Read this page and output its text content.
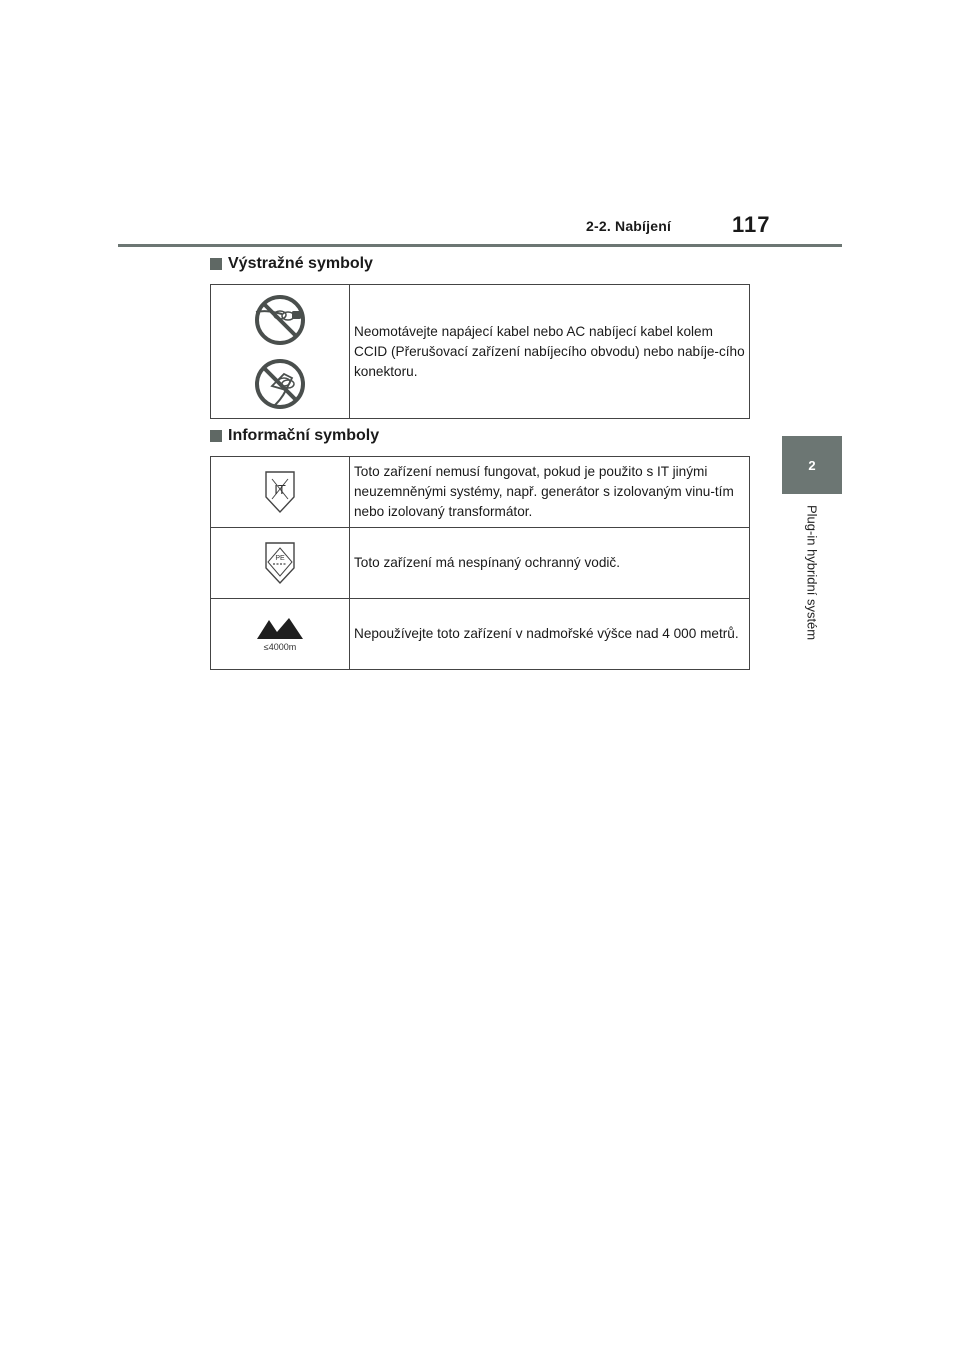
2-2. Nabíjení	117
2
Plug-in hybridní systém
Výstražné symboly
	Neomotávejte napájecí kabel nebo AC nabíjecí kabel kolem CCID (Přerušovací zařízení nabíjecího obvodu) nebo nabíje-cího konektoru.
Informační symboly
IT	Toto zařízení nemusí fungovat, pokud je použito s IT jinými neuzemněnými systémy, např. generátor s izolovaným vinu-tím nebo izolovaný transformátor.

PE	Toto zařízení má nespínaný ochranný vodič.

≤4000m	Nepoužívejte toto zařízení v nadmořské výšce nad 4 000 metrů.
